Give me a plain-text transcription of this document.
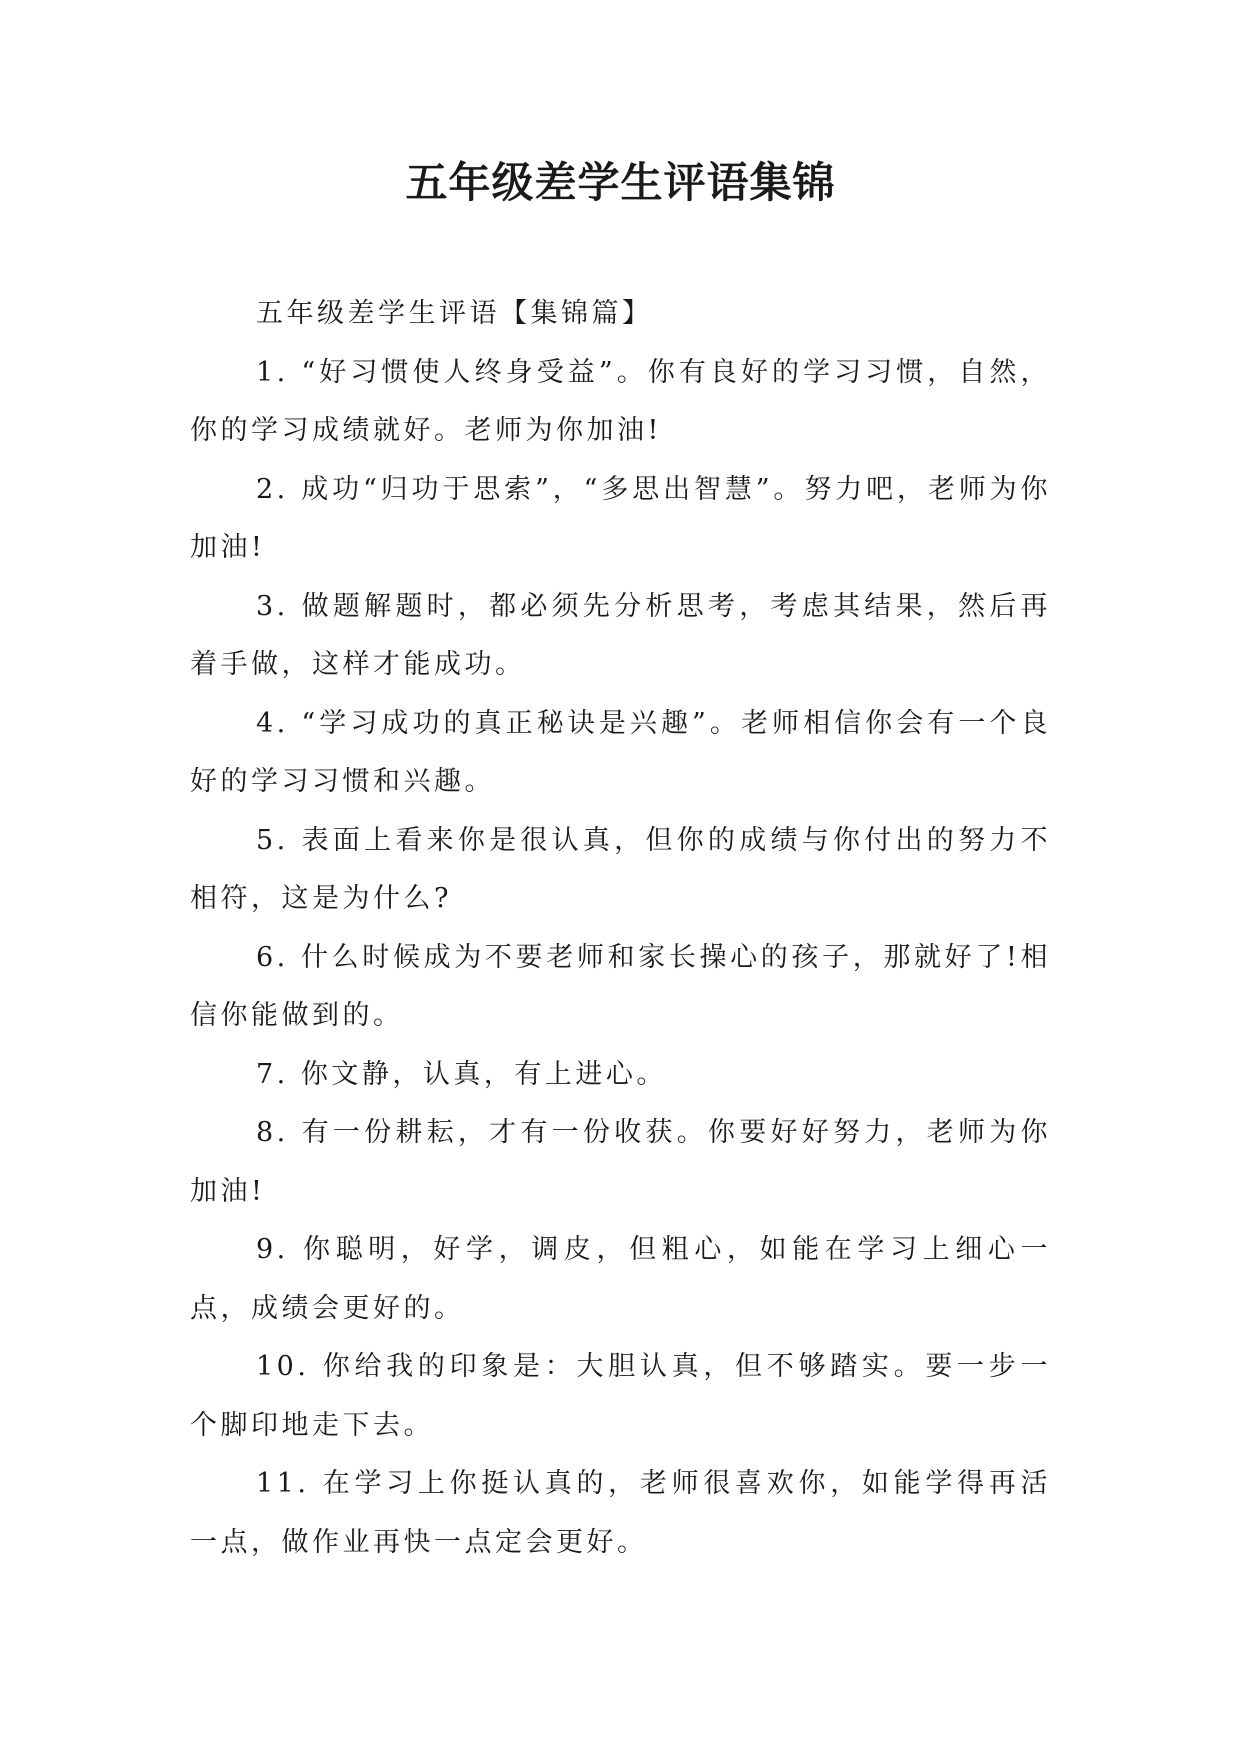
五年级差学生评语集锦

五年级差学生评语【集锦篇】

1. “好习惯使人终身受益”。你有良好的学习习惯，自然，你的学习成绩就好。老师为你加油!

2. 成功“归功于思索”，“多思出智慧”。努力吧，老师为你加油!

3. 做题解题时，都必须先分析思考，考虑其结果，然后再着手做，这样才能成功。

4. “学习成功的真正秘诀是兴趣”。老师相信你会有一个良好的学习习惯和兴趣。

5. 表面上看来你是很认真，但你的成绩与你付出的努力不相符，这是为什么?

6. 什么时候成为不要老师和家长操心的孩子，那就好了!相信你能做到的。

7. 你文静，认真，有上进心。

8. 有一份耕耘，才有一份收获。你要好好努力，老师为你加油!

9. 你聪明，好学，调皮，但粗心，如能在学习上细心一点，成绩会更好的。

10. 你给我的印象是：大胆认真，但不够踏实。要一步一个脚印地走下去。

11. 在学习上你挺认真的，老师很喜欢你，如能学得再活一点，做作业再快一点定会更好。
